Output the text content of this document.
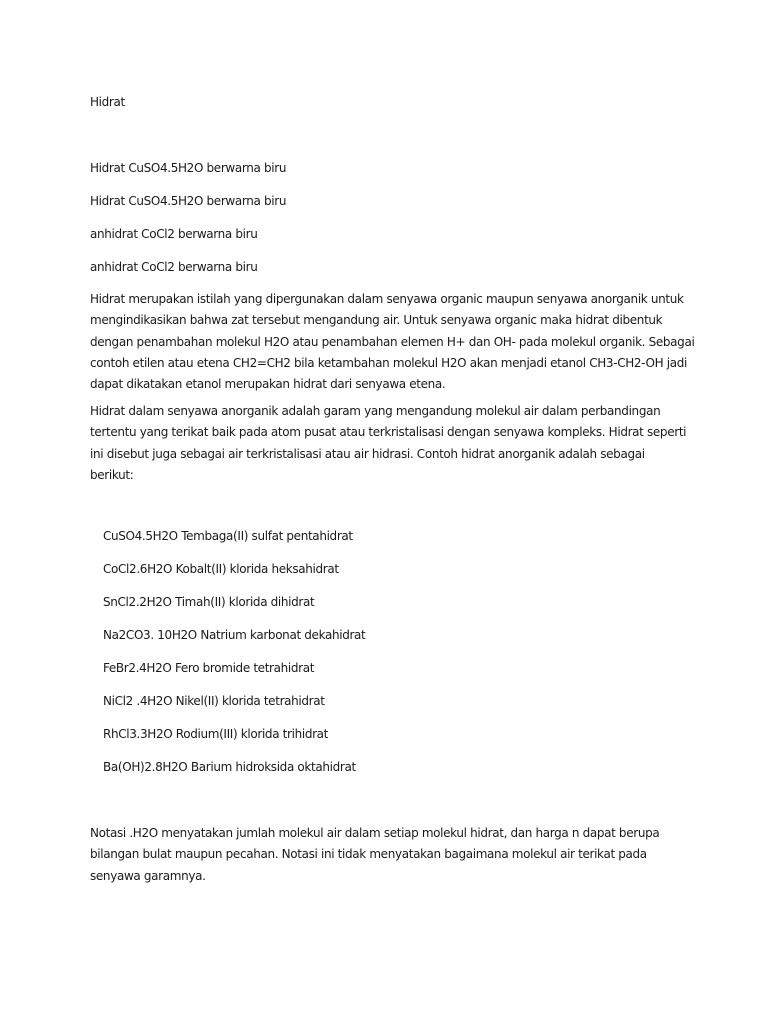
Hidrat
Hidrat CuSO4.5H2O berwarna biru
Hidrat CuSO4.5H2O berwarna biru
anhidrat CoCl2 berwarna biru
anhidrat CoCl2 berwarna biru
Hidrat merupakan istilah yang dipergunakan dalam senyawa organic maupun senyawa anorganik untuk
mengindikasikan bahwa zat tersebut mengandung air. Untuk senyawa organic maka hidrat dibentuk
dengan penambahan molekul H2O atau penambahan elemen H+ dan OH- pada molekul organik. Sebagai
contoh etilen atau etena CH2=CH2 bila ketambahan molekul H2O akan menjadi etanol CH3-CH2-OH jadi
dapat dikatakan etanol merupakan hidrat dari senyawa etena.
Hidrat dalam senyawa anorganik adalah garam yang mengandung molekul air dalam perbandingan
tertentu yang terikat baik pada atom pusat atau terkristalisasi dengan senyawa kompleks. Hidrat seperti
ini disebut juga sebagai air terkristalisasi atau air hidrasi. Contoh hidrat anorganik adalah sebagai
berikut:
CuSO4.5H2O Tembaga(II) sulfat pentahidrat
CoCl2.6H2O Kobalt(II) klorida heksahidrat
SnCl2.2H2O Timah(II) klorida dihidrat
Na2CO3. 10H2O Natrium karbonat dekahidrat
FeBr2.4H2O Fero bromide tetrahidrat
NiCl2 .4H2O Nikel(II) klorida tetrahidrat
RhCl3.3H2O Rodium(III) klorida trihidrat
Ba(OH)2.8H2O Barium hidroksida oktahidrat
Notasi .H2O menyatakan jumlah molekul air dalam setiap molekul hidrat, dan harga n dapat berupa
bilangan bulat maupun pecahan. Notasi ini tidak menyatakan bagaimana molekul air terikat pada
senyawa garamnya.
